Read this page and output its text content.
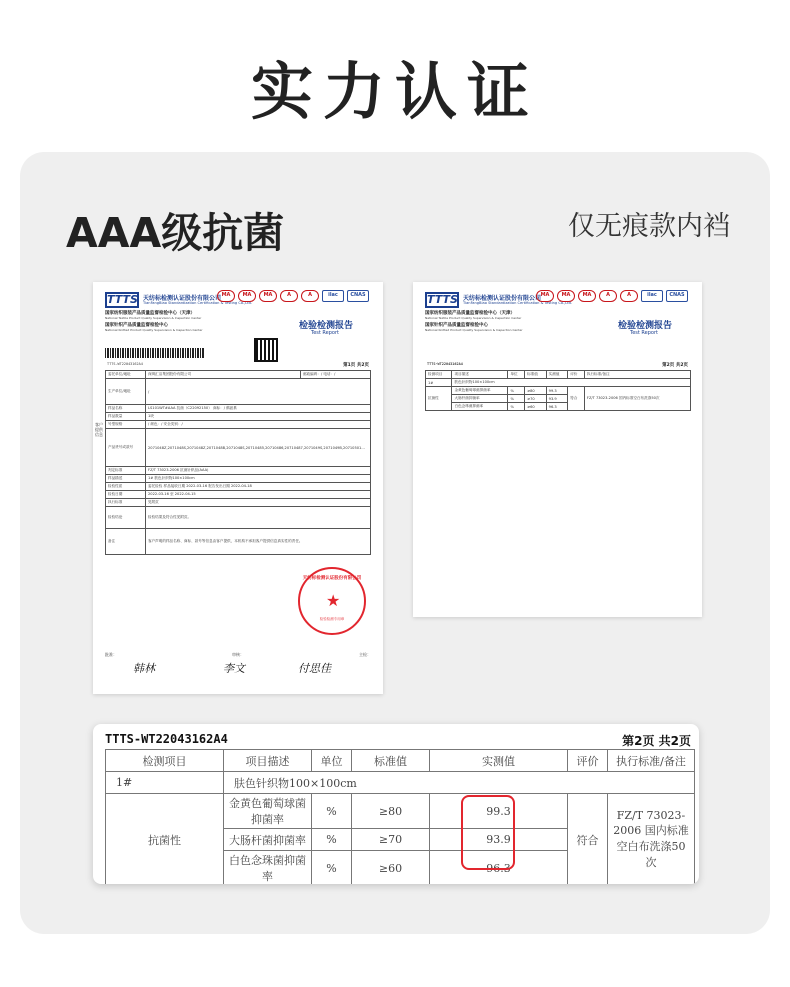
实力认证
AAA级抗菌	仅无痕款内裆
TTTS 天纺标检测认证股份有限公司
TianFangBiao Standardization Certification & Testing Co.,Ltd.
国家纺织服装产品质量监督检验中心（天津）
National Textile Product Quality Supervision & Inspection Center
国家针织产品质量监督检验中心
National Knitted Product Quality Supervision & Inspection Center
MA	MA	MA	A	A	ilac	CNAS
检验检测报告
Test Report
TTTS-WT22043162A4	第1页 共2页
客户提供信息
委托单位/地址	深圳汇洁集团股份有限公司	邮政编码：/ 电话：/
生产单位/地址	/	
样品名称	LS101WT#AAA 抗菌（C22092150） 商标：/ 鹤涯系	
样品数量	1块	
号型规格	/ 颜色：/ 安全类别：/	
产品货号或款号	2071048Z,2071048S,2071048Z,2071048B,2071048S,20710485,20710486,20710487,2071049S,2071049B,20710501...	
判定标准	FZ/T 73023-2006 抗菌针织品(AAA)	
样品描述	1# 肤色针织物100×100cm	
检验性质	委托检验 样品接收日期 2022-03-16 报告发出日期 2022-04-18	
检验日期	2022-03-16 至 2022-04-15	
执行标准	见附页	
检验结论	检验结果及符合性见附页。	
备注	客户声明的样品名称、商标、款号等信息由客户提供，本机构不承担客户提供信息真实性的责任。	
天纺标检测认证股份有限公司
★
检验检测专用章
批准：	审核：	主检：
韩林	李文	付思佳
TTTS 天纺标检测认证股份有限公司
TianFangBiao Standardization Certification & Testing Co.,Ltd.
国家纺织服装产品质量监督检验中心（天津）
National Textile Product Quality Supervision & Inspection Center
国家针织产品质量监督检验中心
National Knitted Product Quality Supervision & Inspection Center
MA	MA	MA	A	A	ilac	CNAS
检验检测报告
Test Report
TTTS-WT22043162A4	第2页 共2页
检测项目	项目描述	单位	标准值	实测值	评价	执行标准/备注
1#	肤色针织物100×100cm					
抗菌性	金黄色葡萄球菌抑菌率	%	≥80	99.3	符合	FZ/T 73023-2006 国内标准空白布洗涤50次
	大肠杆菌抑菌率	%	≥70	93.9		
	白色念珠菌抑菌率	%	≥60	96.3		
TTTS-WT22043162A4	第2页 共2页
检测项目	项目描述	单位	标准值	实测值	评价	执行标准/备注
1#	肤色针织物100×100cm					
抗菌性	金黄色葡萄球菌抑菌率	%	≥80	99.3	符合	FZ/T 73023-2006 国内标准空白布洗涤50次
	大肠杆菌抑菌率	%	≥70	93.9		
	白色念珠菌抑菌率	%	≥60	96.3		
